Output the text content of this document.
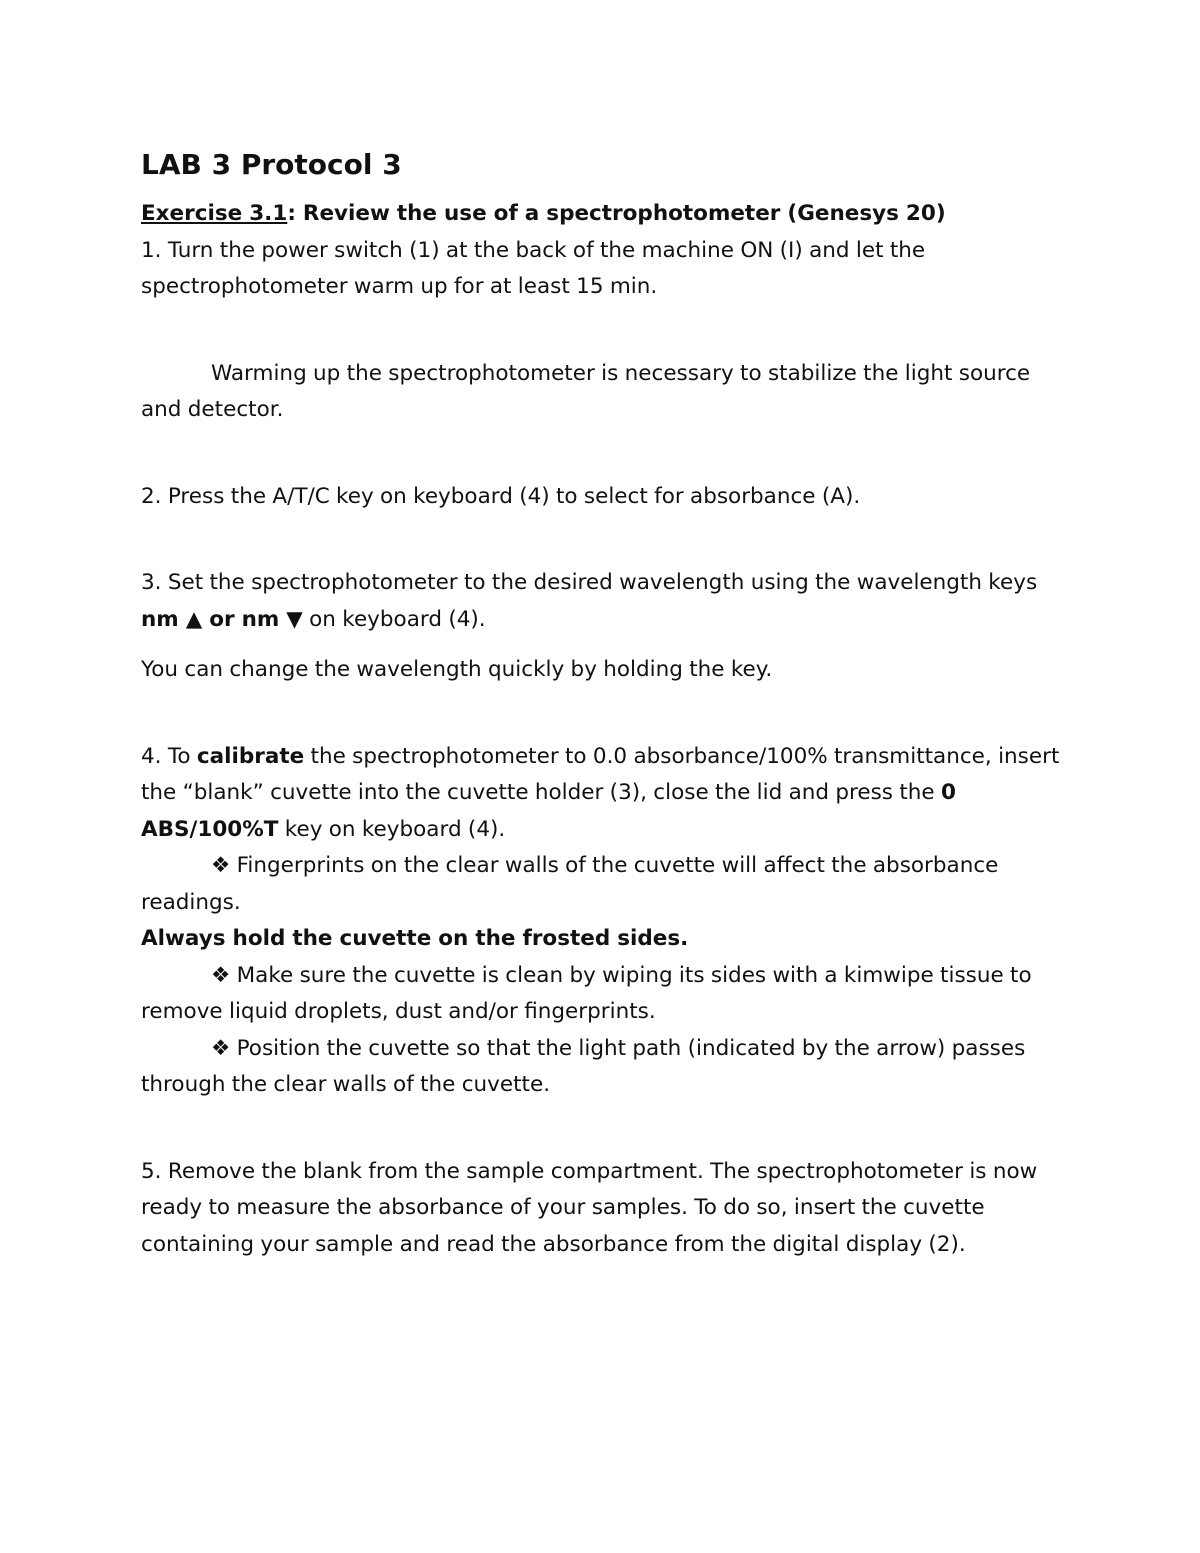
LAB 3 Protocol 3

Exercise 3.1: Review the use of a spectrophotometer (Genesys 20)

1. Turn the power switch (1) at the back of the machine ON (I) and let the spectrophotometer warm up for at least 15 min.

Warming up the spectrophotometer is necessary to stabilize the light source and detector.

2. Press the A/T/C key on keyboard (4) to select for absorbance (A).

3. Set the spectrophotometer to the desired wavelength using the wavelength keys nm ▲ or nm ▼ on keyboard (4).

You can change the wavelength quickly by holding the key.

4. To calibrate the spectrophotometer to 0.0 absorbance/100% transmittance, insert the “blank” cuvette into the cuvette holder (3), close the lid and press the 0 ABS/100%T key on keyboard (4).

❖ Fingerprints on the clear walls of the cuvette will affect the absorbance readings.

Always hold the cuvette on the frosted sides.

❖ Make sure the cuvette is clean by wiping its sides with a kimwipe tissue to remove liquid droplets, dust and/or fingerprints.

❖ Position the cuvette so that the light path (indicated by the arrow) passes through the clear walls of the cuvette.

5. Remove the blank from the sample compartment. The spectrophotometer is now ready to measure the absorbance of your samples. To do so, insert the cuvette containing your sample and read the absorbance from the digital display (2).
